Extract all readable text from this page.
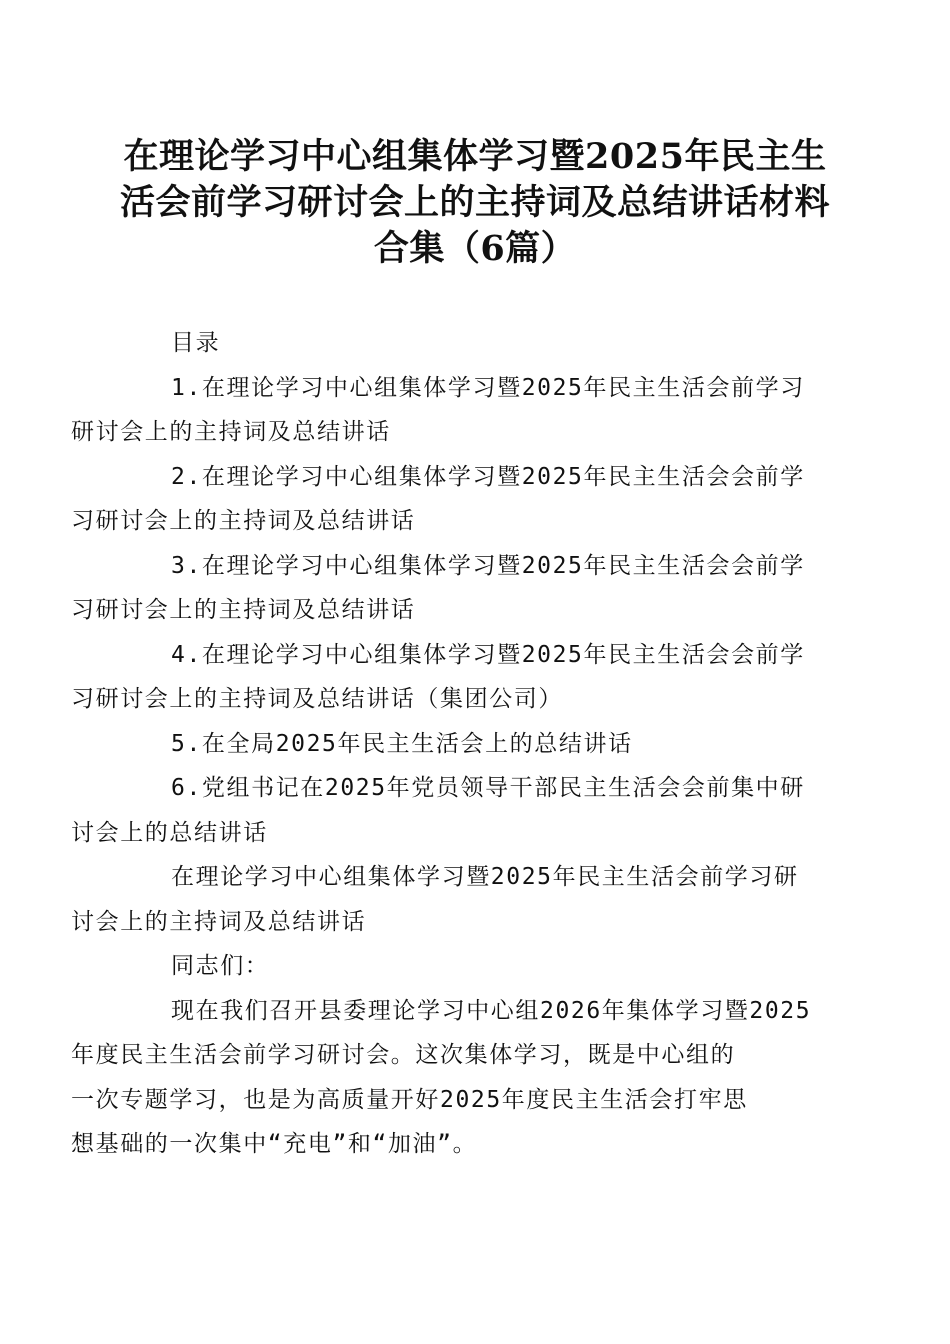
在理论学习中心组集体学习暨2025年民主生
活会前学习研讨会上的主持词及总结讲话材料
合集（6篇）

目录

1.在理论学习中心组集体学习暨2025年民主生活会前学习
研讨会上的主持词及总结讲话

2.在理论学习中心组集体学习暨2025年民主生活会会前学
习研讨会上的主持词及总结讲话

3.在理论学习中心组集体学习暨2025年民主生活会会前学
习研讨会上的主持词及总结讲话

4.在理论学习中心组集体学习暨2025年民主生活会会前学
习研讨会上的主持词及总结讲话（集团公司）

5.在全局2025年民主生活会上的总结讲话

6.党组书记在2025年党员领导干部民主生活会会前集中研
讨会上的总结讲话

在理论学习中心组集体学习暨2025年民主生活会前学习研
讨会上的主持词及总结讲话

同志们：

现在我们召开县委理论学习中心组2026年集体学习暨2025
年度民主生活会前学习研讨会。这次集体学习，既是中心组的
一次专题学习，也是为高质量开好2025年度民主生活会打牢思
想基础的一次集中“充电”和“加油”。
